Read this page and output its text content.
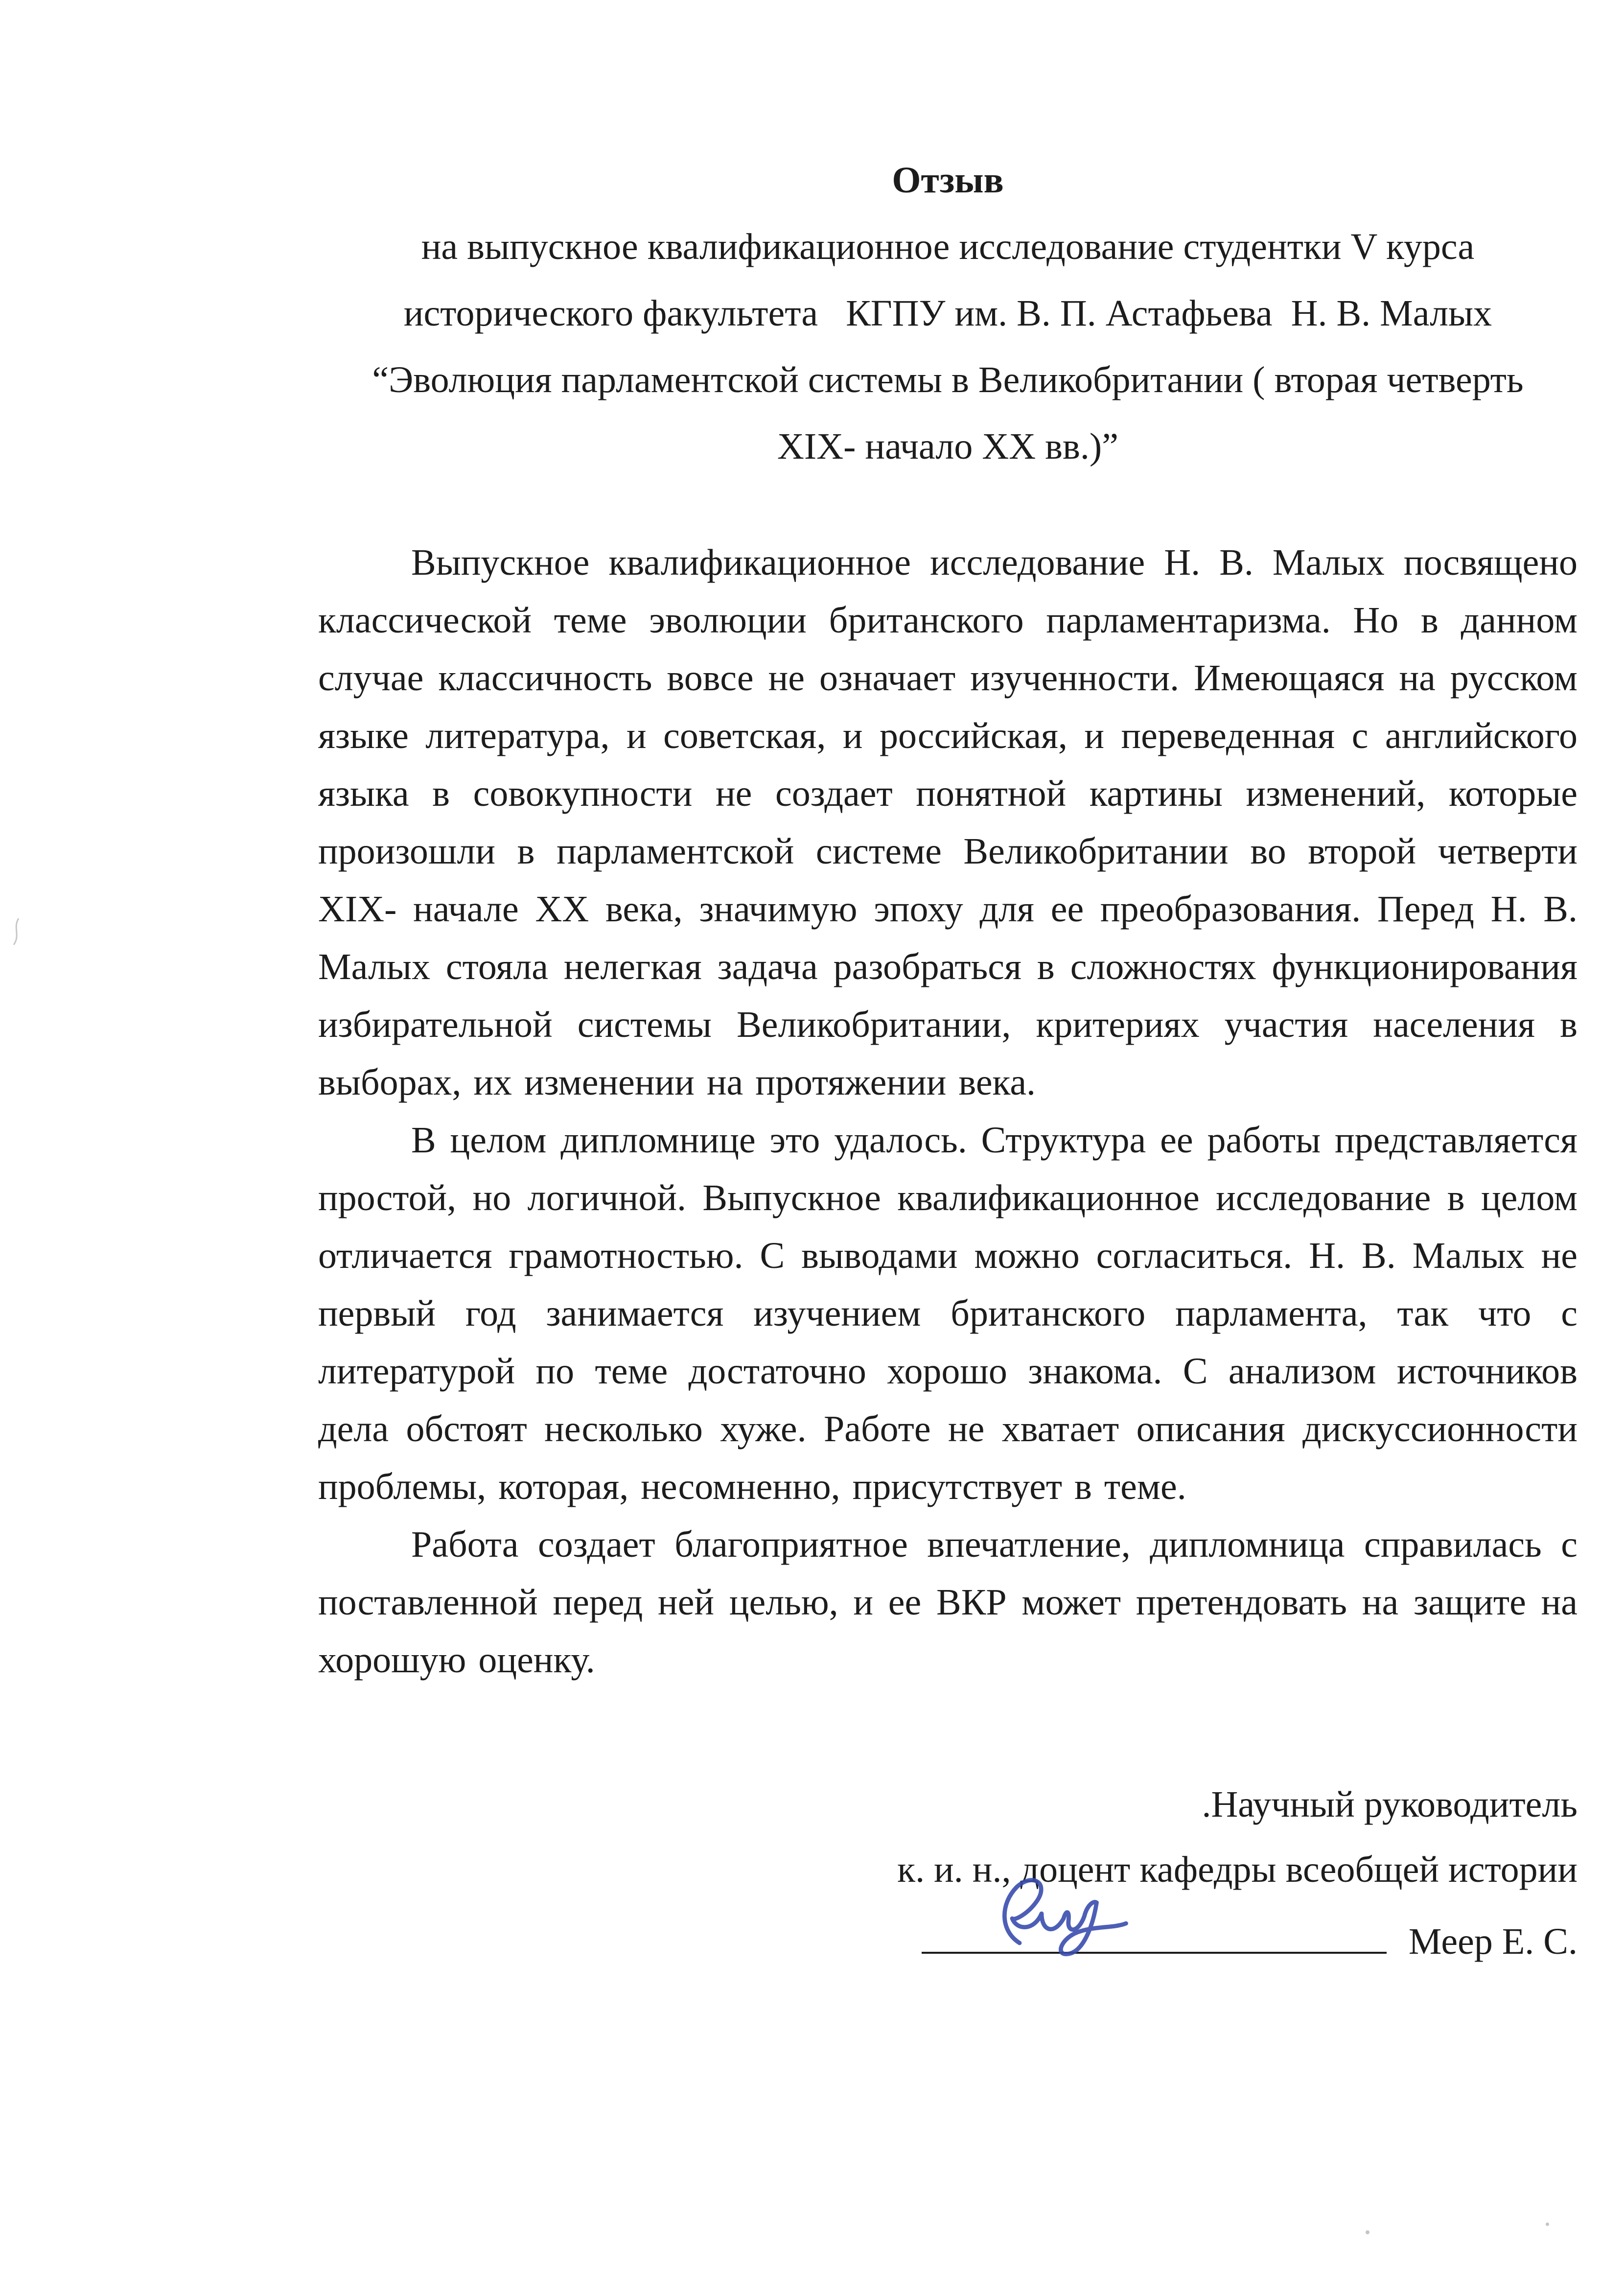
Отзыв
на выпускное квалификационное исследование студентки V курса
исторического факультета   КГПУ им. В. П. Астафьева  Н. В. Малых
“Эволюция парламентской системы в Великобритании ( вторая четверть
XIX- начало XX вв.)”

Выпускное квалификационное исследование Н. В. Малых посвящено классической теме эволюции британского парламентаризма. Но в данном случае классичность вовсе не означает изученности. Имеющаяся на русском языке литература, и советская, и российская, и переведенная с английского языка в совокупности не создает понятной картины изменений, которые произошли в парламентской системе Великобритании во второй четверти XIX- начале XX века, значимую эпоху для ее преобразования. Перед Н. В. Малых стояла нелегкая задача разобраться в сложностях функционирования избирательной системы Великобритании, критериях участия населения в выборах, их изменении на протяжении века.

В целом дипломнице это удалось. Структура ее работы представляется простой, но логичной. Выпускное квалификационное исследование в целом отличается грамотностью. С выводами можно согласиться. Н. В. Малых не первый год занимается изучением британского парламента, так что с литературой по теме достаточно хорошо знакома. С анализом источников дела обстоят несколько хуже. Работе не хватает описания дискуссионности проблемы, которая, несомненно, присутствует в теме.

Работа создает благоприятное впечатление, дипломница справилась с поставленной перед ней целью, и ее ВКР может претендовать на защите на хорошую оценку.

.Научный руководитель
к. и. н., доцент кафедры всеобщей истории
Меер Е. С.
